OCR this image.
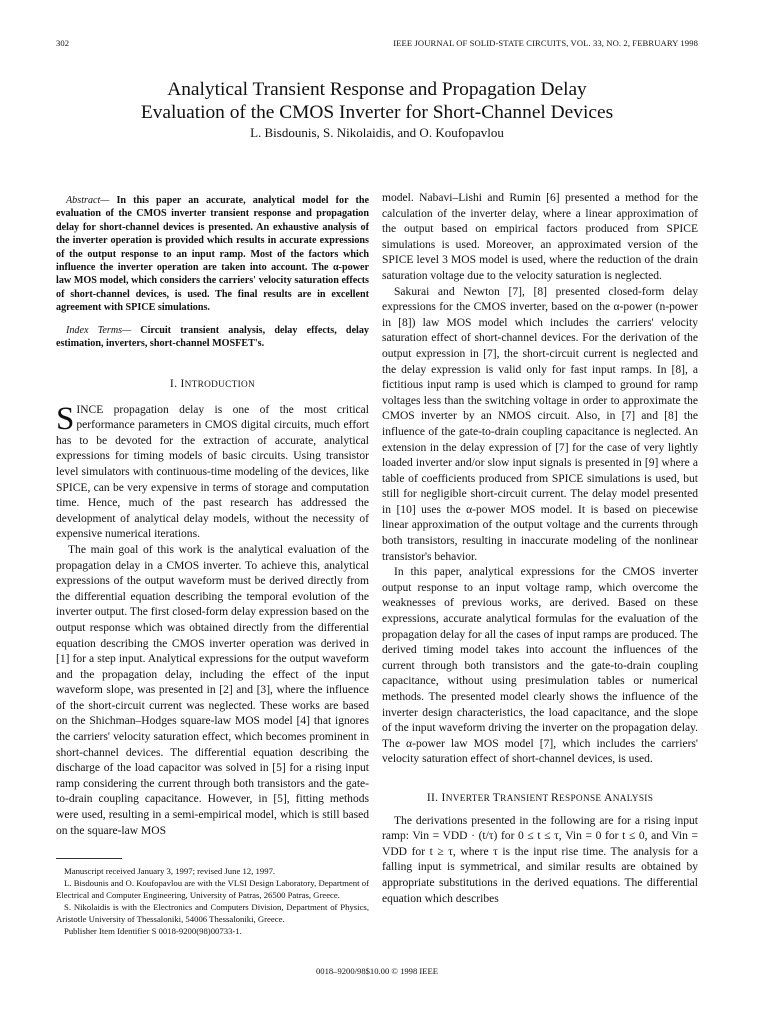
302	IEEE JOURNAL OF SOLID-STATE CIRCUITS, VOL. 33, NO. 2, FEBRUARY 1998
Analytical Transient Response and Propagation Delay
Evaluation of the CMOS Inverter for Short-Channel Devices
L. Bisdounis, S. Nikolaidis, and O. Koufopavlou

Abstract— In this paper an accurate, analytical model for the evaluation of the CMOS inverter transient response and propagation delay for short-channel devices is presented. An exhaustive analysis of the inverter operation is provided which results in accurate expressions of the output response to an input ramp. Most of the factors which influence the inverter operation are taken into account. The α-power law MOS model, which considers the carriers' velocity saturation effects of short-channel devices, is used. The final results are in excellent agreement with SPICE simulations.

Index Terms— Circuit transient analysis, delay effects, delay estimation, inverters, short-channel MOSFET's.

I. INTRODUCTION

SINCE propagation delay is one of the most critical performance parameters in CMOS digital circuits, much effort has to be devoted for the extraction of accurate, analytical expressions for timing models of basic circuits. Using transistor level simulators with continuous-time modeling of the devices, like SPICE, can be very expensive in terms of storage and computation time. Hence, much of the past research has addressed the development of analytical delay models, without the necessity of expensive numerical iterations.

The main goal of this work is the analytical evaluation of the propagation delay in a CMOS inverter. To achieve this, analytical expressions of the output waveform must be derived directly from the differential equation describing the temporal evolution of the inverter output. The first closed-form delay expression based on the output response which was obtained directly from the differential equation describing the CMOS inverter operation was derived in [1] for a step input. Analytical expressions for the output waveform and the propagation delay, including the effect of the input waveform slope, was presented in [2] and [3], where the influence of the short-circuit current was neglected. These works are based on the Shichman–Hodges square-law MOS model [4] that ignores the carriers' velocity saturation effect, which becomes prominent in short-channel devices. The differential equation describing the discharge of the load capacitor was solved in [5] for a rising input ramp considering the current through both transistors and the gate-to-drain coupling capacitance. However, in [5], fitting methods were used, resulting in a semi-empirical model, which is still based on the square-law MOS

Manuscript received January 3, 1997; revised June 12, 1997.

L. Bisdounis and O. Koufopavlou are with the VLSI Design Laboratory, Department of Electrical and Computer Engineering, University of Patras, 26500 Patras, Greece.

S. Nikolaidis is with the Electronics and Computers Division, Department of Physics, Aristotle University of Thessaloniki, 54006 Thessaloniki, Greece.

Publisher Item Identifier S 0018-9200(98)00733-1.

model. Nabavi–Lishi and Rumin [6] presented a method for the calculation of the inverter delay, where a linear approximation of the output based on empirical factors produced from SPICE simulations is used. Moreover, an approximated version of the SPICE level 3 MOS model is used, where the reduction of the drain saturation voltage due to the velocity saturation is neglected.

Sakurai and Newton [7], [8] presented closed-form delay expressions for the CMOS inverter, based on the α-power (n-power in [8]) law MOS model which includes the carriers' velocity saturation effect of short-channel devices. For the derivation of the output expression in [7], the short-circuit current is neglected and the delay expression is valid only for fast input ramps. In [8], a fictitious input ramp is used which is clamped to ground for ramp voltages less than the switching voltage in order to approximate the CMOS inverter by an NMOS circuit. Also, in [7] and [8] the influence of the gate-to-drain coupling capacitance is neglected. An extension in the delay expression of [7] for the case of very lightly loaded inverter and/or slow input signals is presented in [9] where a table of coefficients produced from SPICE simulations is used, but still for negligible short-circuit current. The delay model presented in [10] uses the α-power MOS model. It is based on piecewise linear approximation of the output voltage and the currents through both transistors, resulting in inaccurate modeling of the nonlinear transistor's behavior.

In this paper, analytical expressions for the CMOS inverter output response to an input voltage ramp, which overcome the weaknesses of previous works, are derived. Based on these expressions, accurate analytical formulas for the evaluation of the propagation delay for all the cases of input ramps are produced. The derived timing model takes into account the influences of the current through both transistors and the gate-to-drain coupling capacitance, without using presimulation tables or numerical methods. The presented model clearly shows the influence of the inverter design characteristics, the load capacitance, and the slope of the input waveform driving the inverter on the propagation delay. The α-power law MOS model [7], which includes the carriers' velocity saturation effect of short-channel devices, is used.

II. INVERTER TRANSIENT RESPONSE ANALYSIS

The derivations presented in the following are for a rising input ramp: Vin = VDD · (t/τ) for 0 ≤ t ≤ τ, Vin = 0 for t ≤ 0, and Vin = VDD for t ≥ τ, where τ is the input rise time. The analysis for a falling input is symmetrical, and similar results are obtained by appropriate substitutions in the derived equations. The differential equation which describes

0018–9200/98$10.00 © 1998 IEEE
